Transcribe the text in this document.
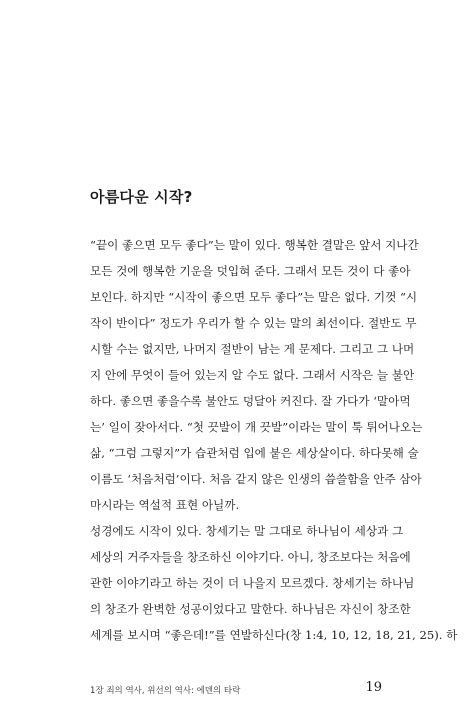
아름다운 시작?
“끝이 좋으면 모두 좋다”는 말이 있다. 행복한 결말은 앞서 지나간
모든 것에 행복한 기운을 덧입혀 준다. 그래서 모든 것이 다 좋아
보인다. 하지만 “시작이 좋으면 모두 좋다”는 말은 없다. 기껏 “시
작이 반이다” 정도가 우리가 할 수 있는 말의 최선이다. 절반도 무
시할 수는 없지만, 나머지 절반이 남는 게 문제다. 그리고 그 나머
지 안에 무엇이 들어 있는지 알 수도 없다. 그래서 시작은 늘 불안
하다. 좋으면 좋을수록 불안도 덩달아 커진다. 잘 가다가 ‘말아먹
는’ 일이 잦아서다. “첫 끗발이 개 끗발”이라는 말이 툭 튀어나오는
삶, “그럼 그렇지”가 습관처럼 입에 붙은 세상살이다. 하다못해 술
이름도 ‘처음처럼’이다. 처음 같지 않은 인생의 씁쓸함을 안주 삼아
마시라는 역설적 표현 아닐까.
성경에도 시작이 있다. 창세기는 말 그대로 하나님이 세상과 그
세상의 거주자들을 창조하신 이야기다. 아니, 창조보다는 처음에
관한 이야기라고 하는 것이 더 나을지 모르겠다. 창세기는 하나님
의 창조가 완벽한 성공이었다고 말한다. 하나님은 자신이 창조한
세계를 보시며 “좋은데!”를 연발하신다(창 1:4, 10, 12, 18, 21, 25). 하
1장 죄의 역사, 위선의 역사: 에덴의 타락	19
